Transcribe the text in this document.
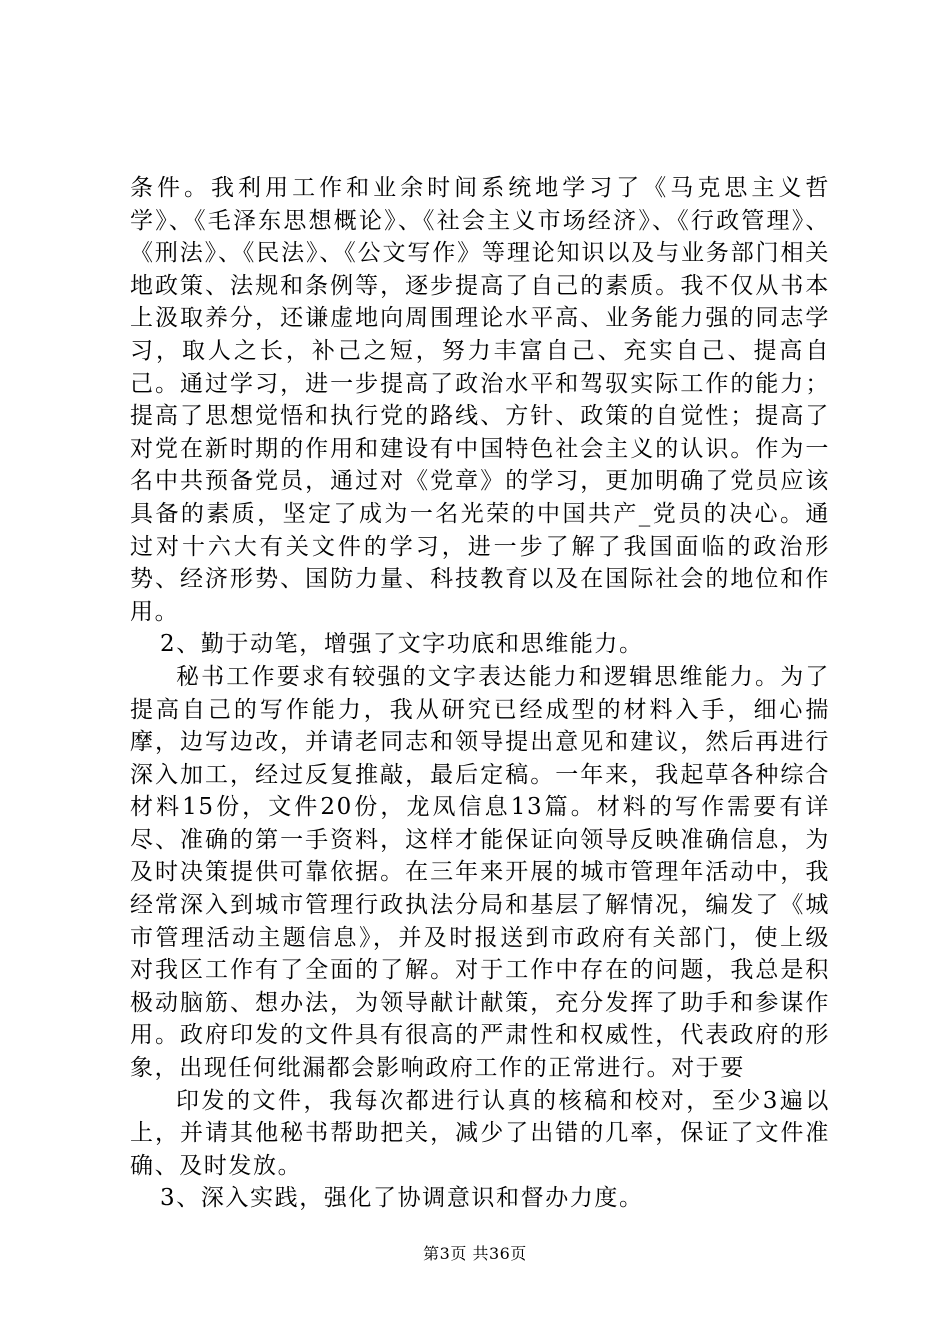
条件。我利用工作和业余时间系统地学习了《马克思主义哲学》、《毛泽东思想概论》、《社会主义市场经济》、《行政管理》、《刑法》、《民法》、《公文写作》等理论知识以及与业务部门相关地政策、法规和条例等，逐步提高了自己的素质。我不仅从书本上汲取养分，还谦虚地向周围理论水平高、业务能力强的同志学习，取人之长，补己之短，努力丰富自己、充实自己、提高自己。通过学习，进一步提高了政治水平和驾驭实际工作的能力；提高了思想觉悟和执行党的路线、方针、政策的自觉性；提高了对党在新时期的作用和建设有中国特色社会主义的认识。作为一名中共预备党员，通过对《党章》的学习，更加明确了党员应该具备的素质，坚定了成为一名光荣的中国共产_党员的决心。通过对十六大有关文件的学习，进一步了解了我国面临的政治形势、经济形势、国防力量、科技教育以及在国际社会的地位和作用。

2、勤于动笔，增强了文字功底和思维能力。

秘书工作要求有较强的文字表达能力和逻辑思维能力。为了提高自己的写作能力，我从研究已经成型的材料入手，细心揣摩，边写边改，并请老同志和领导提出意见和建议，然后再进行深入加工，经过反复推敲，最后定稿。一年来，我起草各种综合材料15份，文件20份，龙凤信息13篇。材料的写作需要有详尽、准确的第一手资料，这样才能保证向领导反映准确信息，为及时决策提供可靠依据。在三年来开展的城市管理年活动中，我经常深入到城市管理行政执法分局和基层了解情况，编发了《城市管理活动主题信息》，并及时报送到市政府有关部门，使上级对我区工作有了全面的了解。对于工作中存在的问题，我总是积极动脑筋、想办法，为领导献计献策，充分发挥了助手和参谋作用。政府印发的文件具有很高的严肃性和权威性，代表政府的形象，出现任何纰漏都会影响政府工作的正常进行。对于要

印发的文件，我每次都进行认真的核稿和校对，至少3遍以上，并请其他秘书帮助把关，减少了出错的几率，保证了文件准确、及时发放。

3、深入实践，强化了协调意识和督办力度。

第3页 共36页
